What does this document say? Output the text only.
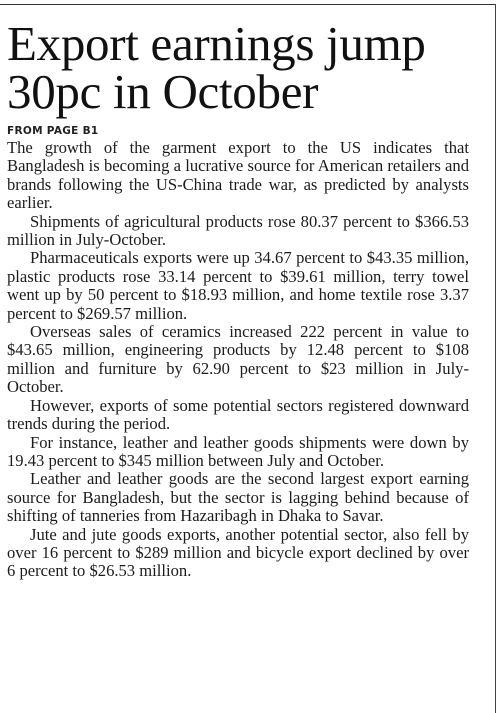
Export earnings jump
30pc in October
FROM PAGE B1

The growth of the garment export to the US indicates that Bangladesh is becoming a lucrative source for American retailers and brands following the US-China trade war, as predicted by analysts earlier.

Shipments of agricultural products rose 80.37 percent to $366.53 million in July-October.

Pharmaceuticals exports were up 34.67 percent to $43.35 million, plastic products rose 33.14 percent to $39.61 million, terry towel went up by 50 percent to $18.93 million, and home textile rose 3.37 percent to $269.57 million.

Overseas sales of ceramics increased 222 percent in value to $43.65 million, engineering products by 12.48 percent to $108 million and furniture by 62.90 percent to $23 million in July-October.

However, exports of some potential sectors registered downward trends during the period.

For instance, leather and leather goods shipments were down by 19.43 percent to $345 million between July and October.

Leather and leather goods are the second largest export earning source for Bangladesh, but the sector is lagging behind because of shifting of tanneries from Hazaribagh in Dhaka to Savar.

Jute and jute goods exports, another potential sector, also fell by over 16 percent to $289 million and bicycle export declined by over 6 percent to $26.53 million.
